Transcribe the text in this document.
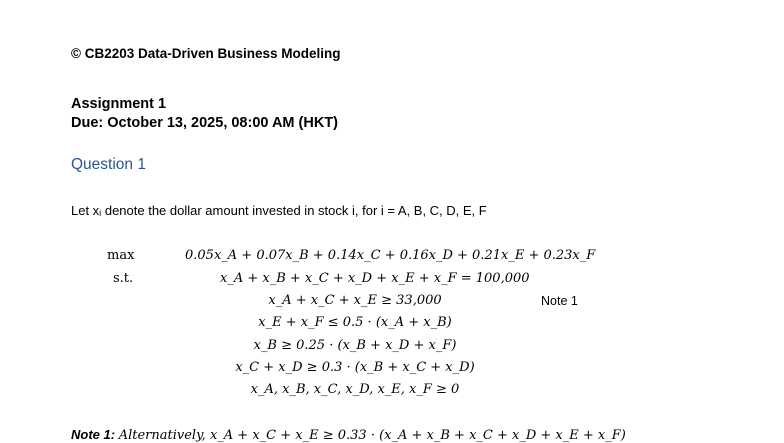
© CB2203 Data-Driven Business Modeling
Assignment 1
Due: October 13, 2025, 08:00 AM (HKT)
Question 1
Let xᵢ denote the dollar amount invested in stock i, for i = A, B, C, D, E, F
max
s.t.
0.05x_A + 0.07x_B + 0.14x_C + 0.16x_D + 0.21x_E + 0.23x_F
x_A + x_B + x_C + x_D + x_E + x_F = 100,000
x_A + x_C + x_E ≥ 33,000
x_E + x_F ≤ 0.5 · (x_A + x_B)
x_B ≥ 0.25 · (x_B + x_D + x_F)
x_C + x_D ≥ 0.3 · (x_B + x_C + x_D)
x_A, x_B, x_C, x_D, x_E, x_F ≥ 0
Note 1
Note 1: Alternatively, x_A + x_C + x_E ≥ 0.33 · (x_A + x_B + x_C + x_D + x_E + x_F)
